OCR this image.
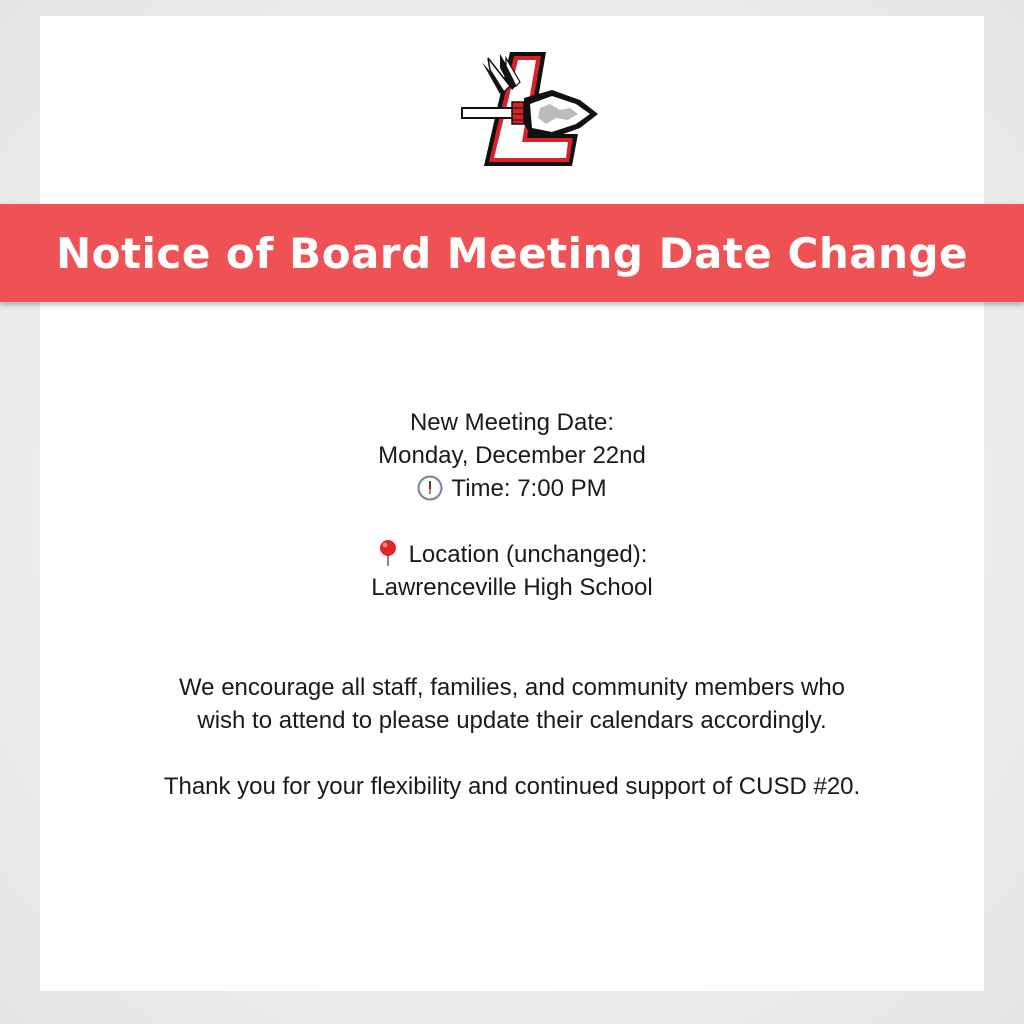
Notice of Board Meeting Date Change
New Meeting Date:
Monday, December 22nd
Time: 7:00 PM
Location (unchanged):
Lawrenceville High School
We encourage all staff, families, and community members who
wish to attend to please update their calendars accordingly.
Thank you for your flexibility and continued support of CUSD #20.
